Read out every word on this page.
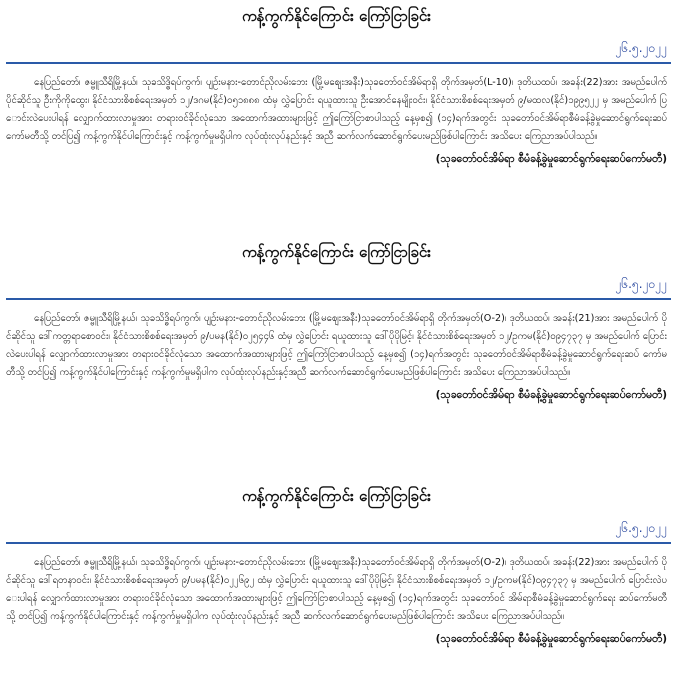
ကန့်ကွက်နိုင်ကြောင်း ကြော်ငြာခြင်း
၂၆.၅.၂၀၂၂

နေပြည်တော်၊ ဇမ္ဗူသီရိမြို့နယ်၊ သုခသိဒ္ဓိရပ်ကွက်၊ ပျဉ်းမနား-တောင်ညိုလမ်းဘေး (မြို့မစျေးအနီး)သုခတော်ဝင်အိမ်ရာရှိ တိုက်အမှတ်(L-10)၊ ဒုတိယထပ်၊ အခန်း(22)အား အမည်ပေါက် ပိုင်ဆိုင်သူ ဦးကိုကိုထွေး၊ နိုင်ငံသားစိစစ်ရေးအမှတ် ၁၂/ဒဂမ(နိုင်)၀၅၁၈၈၈ ထံမှ လွှဲပြောင်း ရယူထားသူ ဦးအောင်နေမျိုးဝင်း၊ နိုင်ငံသားစိစစ်ရေးအမှတ် ၉/မထလ(နိုင်)၁၉၉၅၂၂ မှ အမည်ပေါက် ပြောင်းလဲပေးပါရန် လျှောက်ထားလာမှုအား တရားဝင်ခိုင်လုံသော အထောက်အထားများဖြင့် ဤကြော်ငြာစာပါသည့် နေ့မှစ၍ (၁၄)ရက်အတွင်း သုခတော်ဝင်အိမ်ရာစီမံခန့်ခွဲမှုဆောင်ရွက်ရေးဆပ် ကော်မတီသို့ တင်ပြ၍ ကန့်ကွက်နိုင်ပါကြောင်းနှင့် ကန့်ကွက်မှုမရှိပါက လုပ်ထုံးလုပ်နည်းနှင့် အညီ ဆက်လက်ဆောင်ရွက်ပေးမည်ဖြစ်ပါကြောင်း အသိပေး ကြေညာအပ်ပါသည်။

(သုခတော်ဝင်အိမ်ရာ စီမံခန့်ခွဲမှုဆောင်ရွက်ရေးဆပ်ကော်မတီ)
ကန့်ကွက်နိုင်ကြောင်း ကြော်ငြာခြင်း
၂၆.၅.၂၀၂၂

နေပြည်တော်၊ ဇမ္ဗူသီရိမြို့နယ်၊ သုခသိဒ္ဓိရပ်ကွက်၊ ပျဉ်းမနား-တောင်ညိုလမ်းဘေး (မြို့မစျေးအနီး)သုခတော်ဝင်အိမ်ရာရှိ တိုက်အမှတ်(O-2)၊ ဒုတိယထပ်၊ အခန်း(21)အား အမည်ပေါက် ပိုင်ဆိုင်သူ ဒေါ်ကတ္တရာစောဝင်း၊ နိုင်ငံသားစိစစ်ရေးအမှတ် ၉/ပမန(နိုင်)၀၂၅၄၄၆ ထံမှ လွှဲပြောင်း ရယူထားသူ ဒေါ်ပိုပိုမြင့်၊ နိုင်ငံသားစိစ်ရေးအမှတ် ၁၂/ဥကမ(နိုင်)၀၉၄၇၃၇ မှ အမည်ပေါက် ပြောင်းလဲပေးပါရန် လျှောက်ထားလာမှုအား တရားဝင်ခိုင်လုံသော အထောက်အထားများဖြင့် ဤကြော်ငြာစာပါသည့် နေ့မှစ၍ (၁၄)ရက်အတွင်း သုခတော်ဝင်အိမ်ရာစီမံခန့်ခွဲမှုဆောင်ရွက်ရေးဆပ် ကော်မတီသို့ တင်ပြ၍ ကန့်ကွက်နိုင်ပါကြောင်းနှင့် ကန့်ကွက်မှုမရှိပါက လုပ်ထုံးလုပ်နည်းနှင့်အညီ ဆက်လက်ဆောင်ရွက်ပေးမည်ဖြစ်ပါကြောင်း အသိပေး ကြေညာအပ်ပါသည်။

(သုခတော်ဝင်အိမ်ရာ စီမံခန့်ခွဲမှုဆောင်ရွက်ရေးဆပ်ကော်မတီ)
ကန့်ကွက်နိုင်ကြောင်း ကြော်ငြာခြင်း
၂၆.၅.၂၀၂၂

နေပြည်တော်၊ ဇမ္ဗူသီရိမြို့နယ်၊ သုခသိဒ္ဓိရပ်ကွက်၊ ပျဉ်းမနား-တောင်ညိုလမ်းဘေး (မြို့မစျေးအနီး)သုခတော်ဝင်အိမ်ရာရှိ တိုက်အမှတ်(O-2)၊ ဒုတိယထပ်၊ အခန်း(22)အား အမည်ပေါက် ပိုင်ဆိုင်သူ ဒေါ်ရတနာဝင်း၊ နိုင်ငံသားစိစစ်ရေးအမှတ် ၉/ပမန(နိုင်)၀၂၂၆၉၂ ထံမှ လွှဲပြောင်း ရယူထားသူ ဒေါ်ပိုပိုမြင့်၊ နိုင်ငံသားစိစစ်ရေးအမှတ် ၁၂/ဥကမ(နိုင်)၀၉၄၇၃၇ မှ အမည်ပေါက် ပြောင်းလဲပေးပါရန် လျှောက်ထားလာမှုအား တရားဝင်ခိုင်လုံသော အထောက်အထားများဖြင့် ဤကြော်ငြာစာပါသည့် နေ့မှစ၍ (၁၄)ရက်အတွင်း သုခတော်ဝင် အိမ်ရာစီမံခန့်ခွဲမှုဆောင်ရွက်ရေး ဆပ်ကော်မတီသို့ တင်ပြ၍ ကန့်ကွက်နိုင်ပါကြောင်းနှင့် ကန့်ကွက်မှုမရှိပါက လုပ်ထုံးလုပ်နည်းနှင့် အညီ ဆက်လက်ဆောင်ရွက်ပေးမည်ဖြစ်ပါကြောင်း အသိပေး ကြေညာအပ်ပါသည်။

(သုခတော်ဝင်အိမ်ရာ စီမံခန့်ခွဲမှုဆောင်ရွက်ရေးဆပ်ကော်မတီ)
